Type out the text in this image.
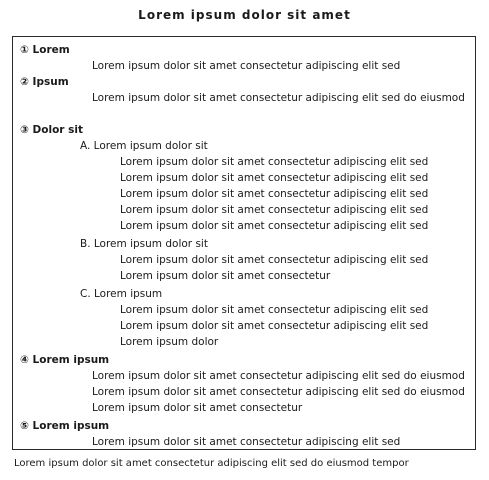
Lorem ipsum dolor sit amet
① Lorem
Lorem ipsum dolor sit amet consectetur adipiscing elit sed
② Ipsum
Lorem ipsum dolor sit amet consectetur adipiscing elit sed do eiusmod
③ Dolor sit
A. Lorem ipsum dolor sit
Lorem ipsum dolor sit amet consectetur adipiscing elit sed
Lorem ipsum dolor sit amet consectetur adipiscing elit sed
Lorem ipsum dolor sit amet consectetur adipiscing elit sed
Lorem ipsum dolor sit amet consectetur adipiscing elit sed
Lorem ipsum dolor sit amet consectetur adipiscing elit sed
B. Lorem ipsum dolor sit
Lorem ipsum dolor sit amet consectetur adipiscing elit sed
Lorem ipsum dolor sit amet consectetur
C. Lorem ipsum
Lorem ipsum dolor sit amet consectetur adipiscing elit sed
Lorem ipsum dolor sit amet consectetur adipiscing elit sed
Lorem ipsum dolor
④ Lorem ipsum
Lorem ipsum dolor sit amet consectetur adipiscing elit sed do eiusmod
Lorem ipsum dolor sit amet consectetur adipiscing elit sed do eiusmod
Lorem ipsum dolor sit amet consectetur
⑤ Lorem ipsum
Lorem ipsum dolor sit amet consectetur adipiscing elit sed
Lorem ipsum dolor sit amet consectetur adipiscing elit sed do eiusmod tempor
